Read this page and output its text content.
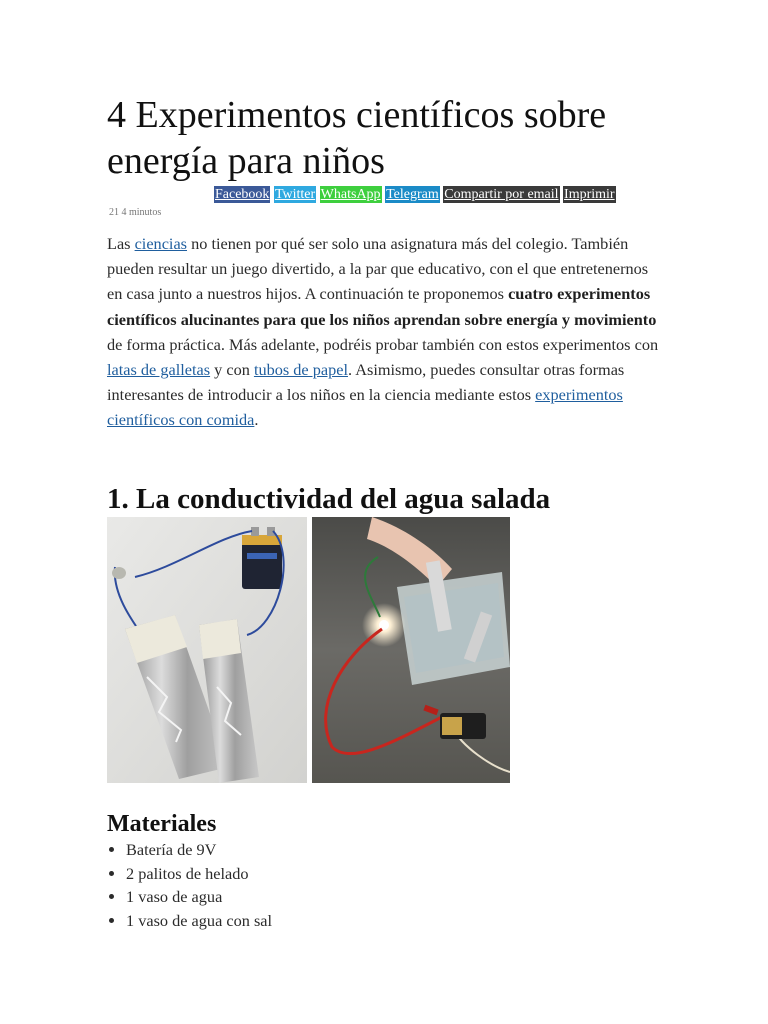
4 Experimentos científicos sobre energía para niños
Facebook Twitter WhatsApp Telegram Compartir por email Imprimir
21 4 minutos

Las ciencias no tienen por qué ser solo una asignatura más del colegio. También pueden resultar un juego divertido, a la par que educativo, con el que entretenernos en casa junto a nuestros hijos. A continuación te proponemos cuatro experimentos científicos alucinantes para que los niños aprendan sobre energía y movimiento de forma práctica. Más adelante, podréis probar también con estos experimentos con latas de galletas y con tubos de papel. Asimismo, puedes consultar otras formas interesantes de introducir a los niños en la ciencia mediante estos experimentos científicos con comida.

1. La conductividad del agua salada
Materiales
• Batería de 9V
• 2 palitos de helado
• 1 vaso de agua
• 1 vaso de agua con sal
